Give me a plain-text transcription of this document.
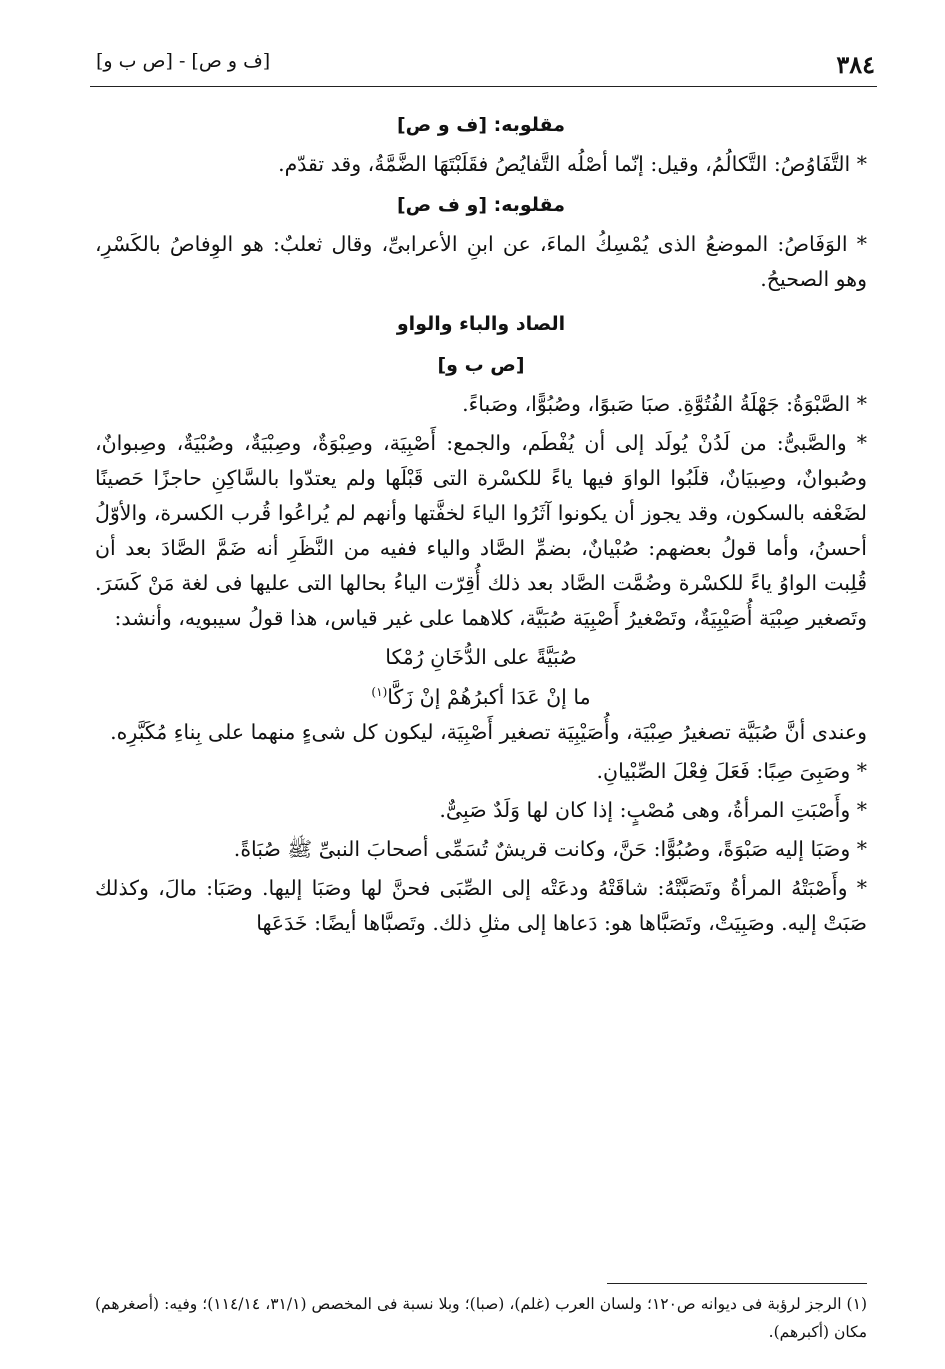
٣٨٤
[ف و ص] - [ص ب و]
مقلوبه: [ف و ص]

* التَّفَاوُصُ: التَّكالُمُ، وقيل: إنّما أصْلُه التَّفايُصُ فقَلَبْتَهَا الضَّمَّةُ، وقد تقدّم.

مقلوبه: [و ف ص]

* الوَفَاصُ: الموضعُ الذى يُمْسِكُ الماءَ، عن ابنِ الأعرابىِّ، وقال ثعلبٌ: هو الوِفاصُ بالكَسْرِ، وهو الصحيحُ.

الصاد والباء والواو
[ص ب و]

* الصَّبْوَةُ: جَهْلَةُ الفُتُوَّةِ. صبَا صَبوًا، وصُبُوًّا، وصَباءً.

* والصَّبىُّ: من لَدُنْ يُولَد إلى أن يُفْطَم، والجمع: أَصْبِيَة، وصِبْوَةٌ، وصِبْيَةٌ، وصُبْيَةٌ، وصِبوانٌ، وصُبوانٌ، وصِبيَانٌ، قلَبُوا الواوَ فيها ياءً للكسْرة التى قَبْلَها ولم يعتدّوا بالسَّاكِنِ حاجزًا حَصينًا لضَعْفه بالسكون، وقد يجوز أن يكونوا آثَرُوا الياءَ لخفَّتها وأنهم لم يُراعُوا قُرب الكسرة، والأوّلُ أحسنُ، وأما قولُ بعضهم: صُبْيانٌ، بضمِّ الصَّاد والياء ففيه من النَّظَرِ أنه ضَمَّ الصَّادَ بعد أن قُلِبت الواوُ ياءً للكسْرة وضُمَّت الصَّاد بعد ذلك أُقِرّت الياءُ بحالها التى عليها فى لغة مَنْ كَسَرَ. وتَصغير صِبْيَة أُصَيْبِيَةٌ، وتَصْغيرُ أَصْبِيَة صُبَيَّة، كلاهما على غير قياس، هذا قولُ سيبويه، وأنشد:

صُبَيَّةً على الدُّخَانِ رُمْكا

ما إنْ عَدَا أكبرُهُمْ إنْ زَكَّا$^{(١)}$

وعندى أنَّ صُبَيَّة تصغيرُ صِبْيَة، وأُصَيْبِيَة تصغير أَصْبِيَة، ليكون كل شىءٍ منهما على بِناءِ مُكَبَّرِه.

* وصَبِىَ صِبًا: فَعَلَ فِعْلَ الصِّبْيانِ.

* وأَصْبَتِ المرأةُ، وهى مُصْبٍ: إذا كان لها وَلَدٌ صَبِىٌّ.

* وصَبَا إليه صَبْوَةً، وصُبُوًّا: حَنَّ، وكانت قريشٌ تُسَمِّى أصحابَ النبىِّ ﷺ صُبَاةً.

* وأَصْبَتْهُ المرأةُ وتَصَبَّتْهُ: شاقَتْهُ ودعَتْه إلى الصِّبَى فحنَّ لها وصَبَا إليها. وصَبَا: مالَ، وكذلك صَبَتْ إليه. وصَبِيَتْ، وتَصَبَّاها هو: دَعاها إلى مثلِ ذلك. وتَصبَّاها أيضًا: خَدَعَها

(١) الرجز لرؤبة فى ديوانه ص١٢٠؛ ولسان العرب (غلم)، (صبا)؛ وبلا نسبة فى المخصص (٣١/١، ١١٤/١٤)؛ وفيه: (أصغرهم) مكان (أكبرهم).
